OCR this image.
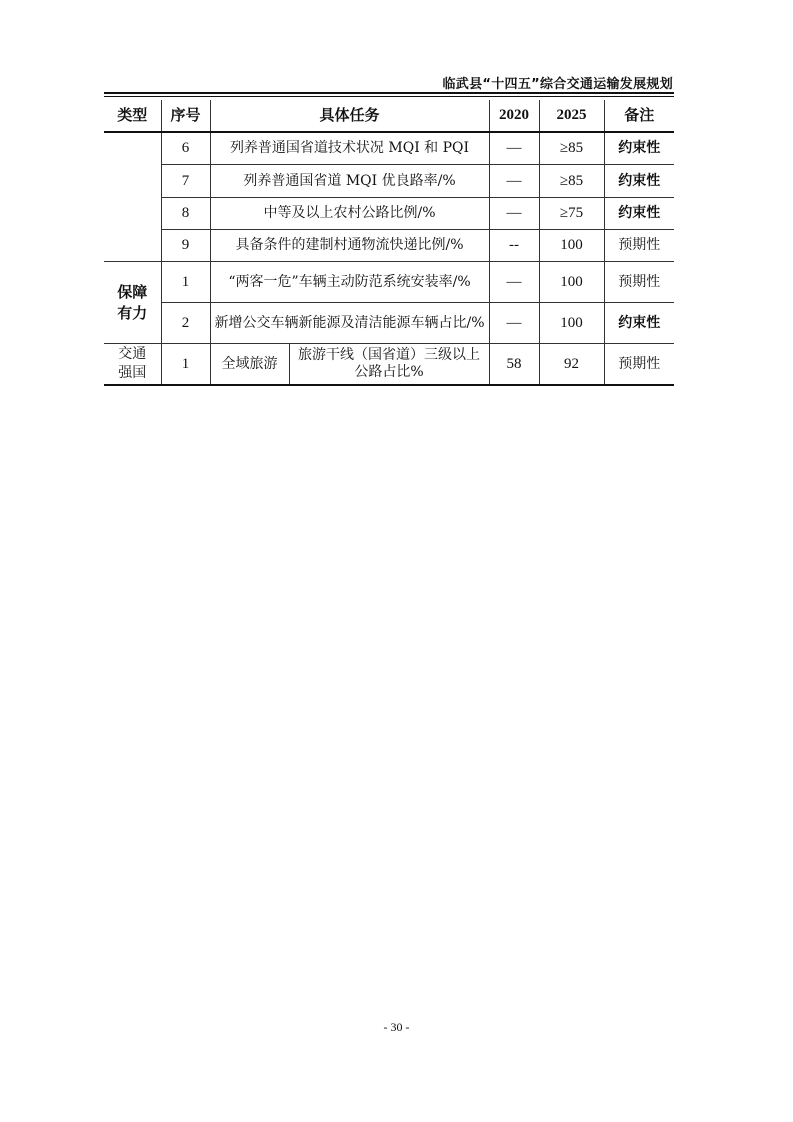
临武县“十四五”综合交通运输发展规划
类型	序号	具体任务		2020	2025	备注
	6	列养普通国省道技术状况 MQI 和 PQI		—	≥85	约束性
	7	列养普通国省道 MQI 优良路率/%		—	≥85	约束性
	8	中等及以上农村公路比例/%		—	≥75	约束性
	9	具备条件的建制村通物流快递比例/%		--	100	预期性
保障有力	1	“两客一危”车辆主动防范系统安装率/%		—	100	预期性
	2	新增公交车辆新能源及清洁能源车辆占比/%		—	100	约束性
交通强国	1	全域旅游	旅游干线（国省道）三级以上公路占比%	58	92	预期性
- 30 -
